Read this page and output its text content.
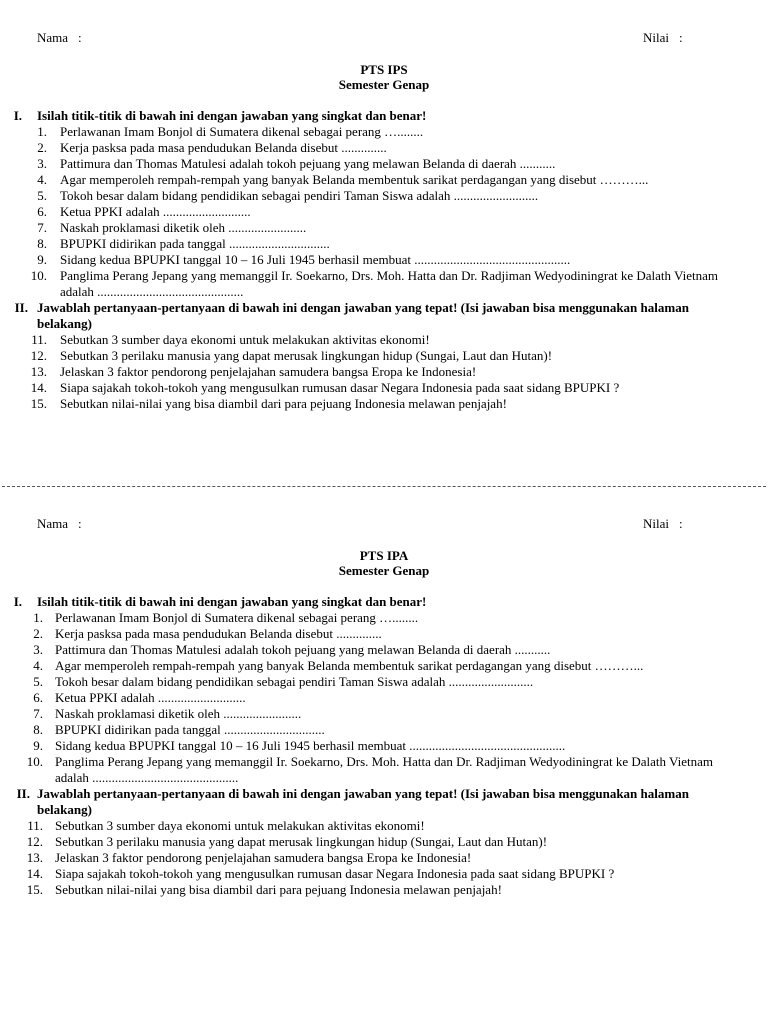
Nama :	Nilai :
PTS IPS
Semester Genap
I. Isilah titik-titik di bawah ini dengan jawaban yang singkat dan benar!
1. Perlawanan Imam Bonjol di Sumatera dikenal sebagai perang …........
2. Kerja pasksa pada masa pendudukan Belanda disebut ..............
3. Pattimura dan Thomas Matulesi adalah tokoh pejuang yang melawan Belanda di daerah ...........
4. Agar memperoleh rempah-rempah yang banyak Belanda membentuk sarikat perdagangan yang disebut ………...
5. Tokoh besar dalam bidang pendidikan sebagai pendiri Taman Siswa adalah ..........................
6. Ketua PPKI adalah ...........................
7. Naskah proklamasi diketik oleh ........................
8. BPUPKI didirikan pada tanggal ...............................
9. Sidang kedua BPUPKI tanggal 10 – 16 Juli 1945 berhasil membuat ................................................
10. Panglima Perang Jepang yang memanggil Ir. Soekarno, Drs. Moh. Hatta dan Dr. Radjiman Wedyodiningrat ke Dalath Vietnam adalah .............................................
II. Jawablah pertanyaan-pertanyaan di bawah ini dengan jawaban yang tepat! (Isi jawaban bisa menggunakan halaman belakang)
11. Sebutkan 3 sumber daya ekonomi untuk melakukan aktivitas ekonomi!
12. Sebutkan 3 perilaku manusia yang dapat merusak lingkungan hidup (Sungai, Laut dan Hutan)!
13. Jelaskan 3 faktor pendorong penjelajahan samudera bangsa Eropa ke Indonesia!
14. Siapa sajakah tokoh-tokoh yang mengusulkan rumusan dasar Negara Indonesia pada saat sidang BPUPKI ?
15. Sebutkan nilai-nilai yang bisa diambil dari para pejuang Indonesia melawan penjajah!
Nama :	Nilai :
PTS IPA
Semester Genap
I. Isilah titik-titik di bawah ini dengan jawaban yang singkat dan benar!
1. Perlawanan Imam Bonjol di Sumatera dikenal sebagai perang …........
2. Kerja pasksa pada masa pendudukan Belanda disebut ..............
3. Pattimura dan Thomas Matulesi adalah tokoh pejuang yang melawan Belanda di daerah ...........
4. Agar memperoleh rempah-rempah yang banyak Belanda membentuk sarikat perdagangan yang disebut ………...
5. Tokoh besar dalam bidang pendidikan sebagai pendiri Taman Siswa adalah ..........................
6. Ketua PPKI adalah ...........................
7. Naskah proklamasi diketik oleh ........................
8. BPUPKI didirikan pada tanggal ...............................
9. Sidang kedua BPUPKI tanggal 10 – 16 Juli 1945 berhasil membuat ................................................
10. Panglima Perang Jepang yang memanggil Ir. Soekarno, Drs. Moh. Hatta dan Dr. Radjiman Wedyodiningrat ke Dalath Vietnam adalah .............................................
II. Jawablah pertanyaan-pertanyaan di bawah ini dengan jawaban yang tepat! (Isi jawaban bisa menggunakan halaman belakang)
11. Sebutkan 3 sumber daya ekonomi untuk melakukan aktivitas ekonomi!
12. Sebutkan 3 perilaku manusia yang dapat merusak lingkungan hidup (Sungai, Laut dan Hutan)!
13. Jelaskan 3 faktor pendorong penjelajahan samudera bangsa Eropa ke Indonesia!
14. Siapa sajakah tokoh-tokoh yang mengusulkan rumusan dasar Negara Indonesia pada saat sidang BPUPKI ?
15. Sebutkan nilai-nilai yang bisa diambil dari para pejuang Indonesia melawan penjajah!
